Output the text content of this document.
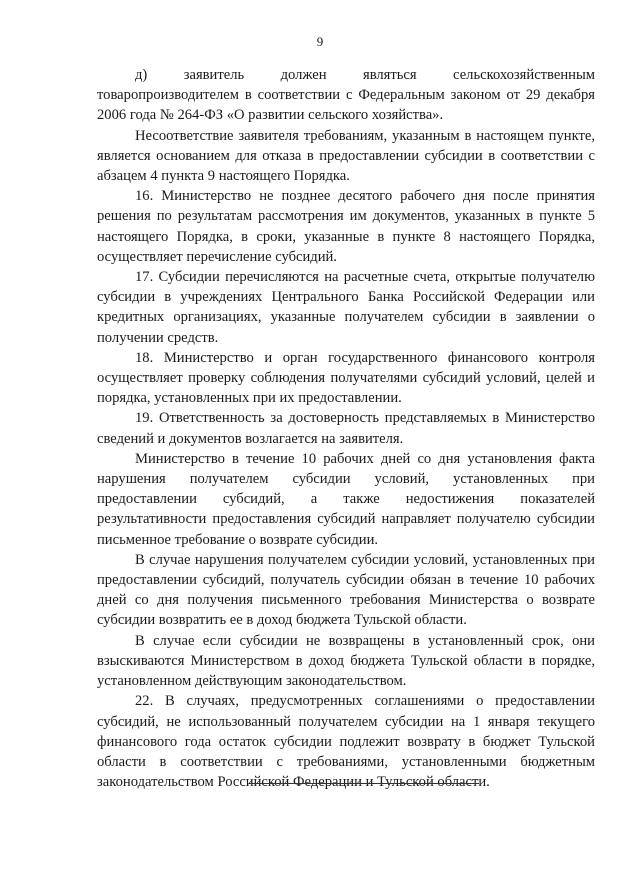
9

д) заявитель должен являться сельскохозяйственным товаропроизводителем в соответствии с Федеральным законом от 29 декабря 2006 года № 264-ФЗ «О развитии сельского хозяйства».

Несоответствие заявителя требованиям, указанным в настоящем пункте, является основанием для отказа в предоставлении субсидии в соответствии с абзацем 4 пункта 9 настоящего Порядка.

16. Министерство не позднее десятого рабочего дня после принятия решения по результатам рассмотрения им документов, указанных в пункте 5 настоящего Порядка, в сроки, указанные в пункте 8 настоящего Порядка, осуществляет перечисление субсидий.

17. Субсидии перечисляются на расчетные счета, открытые получателю субсидии в учреждениях Центрального Банка Российской Федерации или кредитных организациях, указанные получателем субсидии в заявлении о получении средств.

18. Министерство и орган государственного финансового контроля осуществляет проверку соблюдения получателями субсидий условий, целей и порядка, установленных при их предоставлении.

19. Ответственность за достоверность представляемых в Министерство сведений и документов возлагается на заявителя.

Министерство в течение 10 рабочих дней со дня установления факта нарушения получателем субсидии условий, установленных при предоставлении субсидий, а также недостижения показателей результативности предоставления субсидий направляет получателю субсидии письменное требование о возврате субсидии.

В случае нарушения получателем субсидии условий, установленных при предоставлении субсидий, получатель субсидии обязан в течение 10 рабочих дней со дня получения письменного требования Министерства о возврате субсидии возвратить ее в доход бюджета Тульской области.

В случае если субсидии не возвращены в установленный срок, они взыскиваются Министерством в доход бюджета Тульской области в порядке, установленном действующим законодательством.

22. В случаях, предусмотренных соглашениями о предоставлении субсидий, не использованный получателем субсидии на 1 января текущего финансового года остаток субсидии подлежит возврату в бюджет Тульской области в соответствии с требованиями, установленными бюджетным законодательством Российской Федерации и Тульской области.
